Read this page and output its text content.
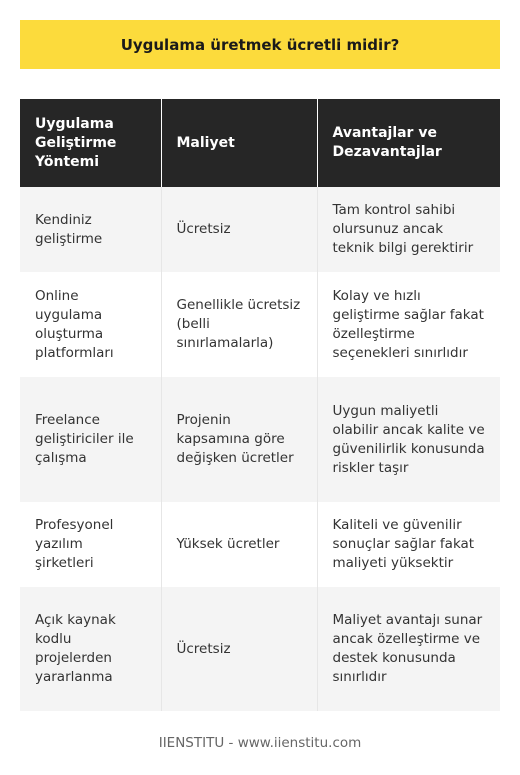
Uygulama üretmek ücretli midir?
Uygulama Geliştirme Yöntemi	Maliyet	Avantajlar ve Dezavantajlar
Kendiniz geliştirme	Ücretsiz	Tam kontrol sahibi olursunuz ancak teknik bilgi gerektirir
Online uygulama oluşturma platformları	Genellikle ücretsiz (belli sınırlamalarla)	Kolay ve hızlı geliştirme sağlar fakat özelleştirme seçenekleri sınırlıdır
Freelance geliştiriciler ile çalışma	Projenin kapsamına göre değişken ücretler	Uygun maliyetli olabilir ancak kalite ve güvenilirlik konusunda riskler taşır
Profesyonel yazılım şirketleri	Yüksek ücretler	Kaliteli ve güvenilir sonuçlar sağlar fakat maliyeti yüksektir
Açık kaynak kodlu projelerden yararlanma	Ücretsiz	Maliyet avantajı sunar ancak özelleştirme ve destek konusunda sınırlıdır
IIENSTITU - www.iienstitu.com
